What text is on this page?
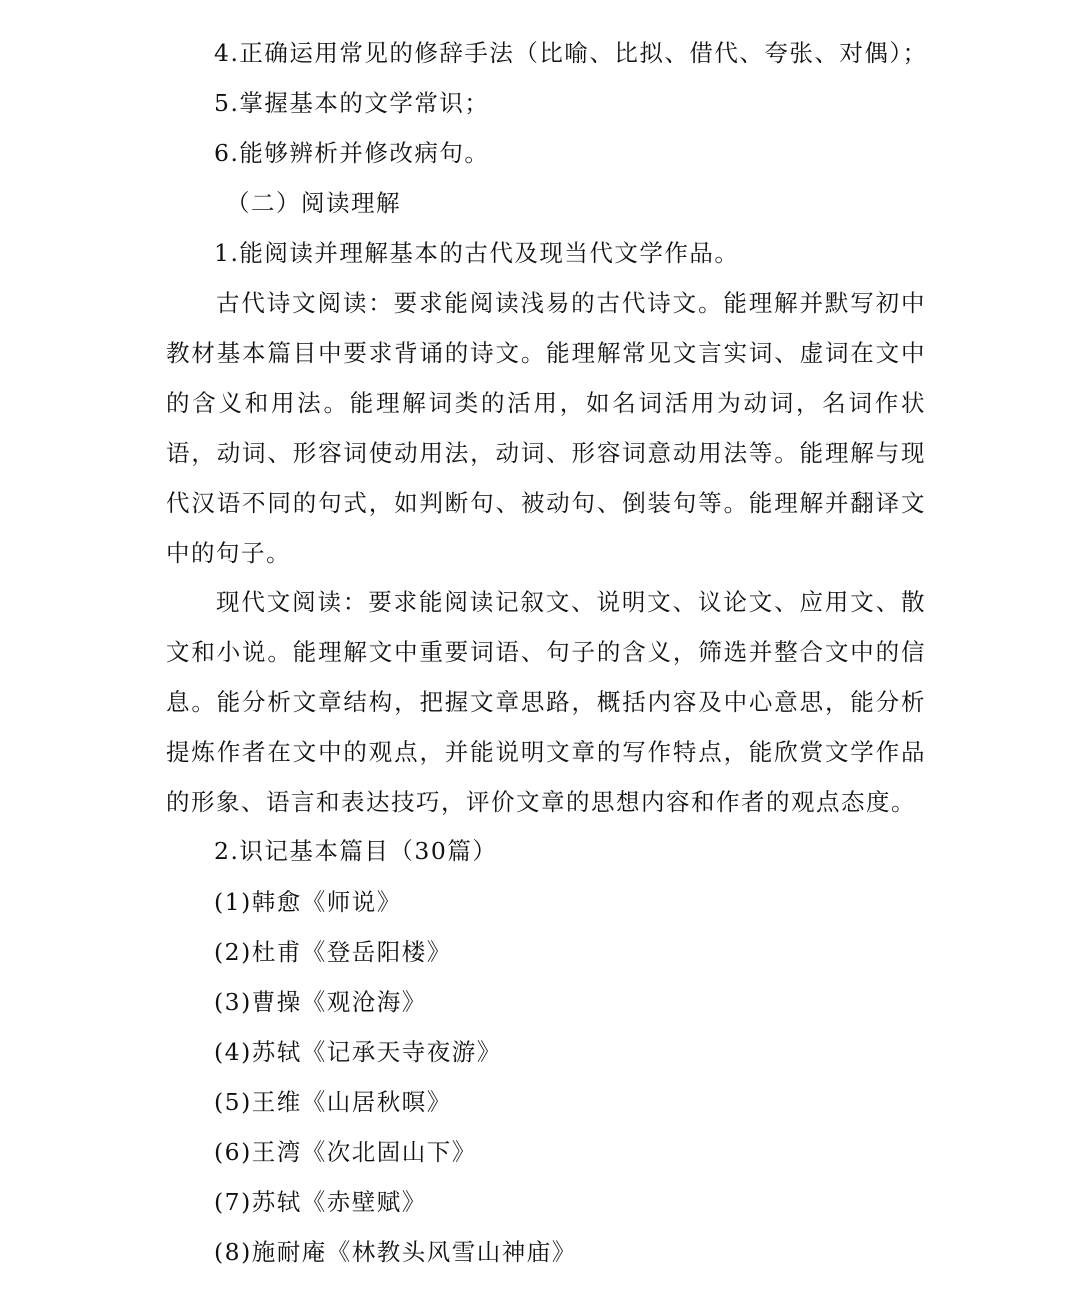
4.正确运用常见的修辞手法（比喻、比拟、借代、夸张、对偶）；
5.掌握基本的文学常识；
6.能够辨析并修改病句。
（二）阅读理解
1.能阅读并理解基本的古代及现当代文学作品。
古代诗文阅读：要求能阅读浅易的古代诗文。能理解并默写初中教材基本篇目中要求背诵的诗文。能理解常见文言实词、虚词在文中的含义和用法。能理解词类的活用，如名词活用为动词，名词作状语，动词、形容词使动用法，动词、形容词意动用法等。能理解与现代汉语不同的句式，如判断句、被动句、倒装句等。能理解并翻译文中的句子。
现代文阅读：要求能阅读记叙文、说明文、议论文、应用文、散文和小说。能理解文中重要词语、句子的含义，筛选并整合文中的信息。能分析文章结构，把握文章思路，概括内容及中心意思，能分析提炼作者在文中的观点，并能说明文章的写作特点，能欣赏文学作品的形象、语言和表达技巧，评价文章的思想内容和作者的观点态度。
2.识记基本篇目（30篇）
(1)韩愈《师说》
(2)杜甫《登岳阳楼》
(3)曹操《观沧海》
(4)苏轼《记承天寺夜游》
(5)王维《山居秋暝》
(6)王湾《次北固山下》
(7)苏轼《赤壁赋》
(8)施耐庵《林教头风雪山神庙》
